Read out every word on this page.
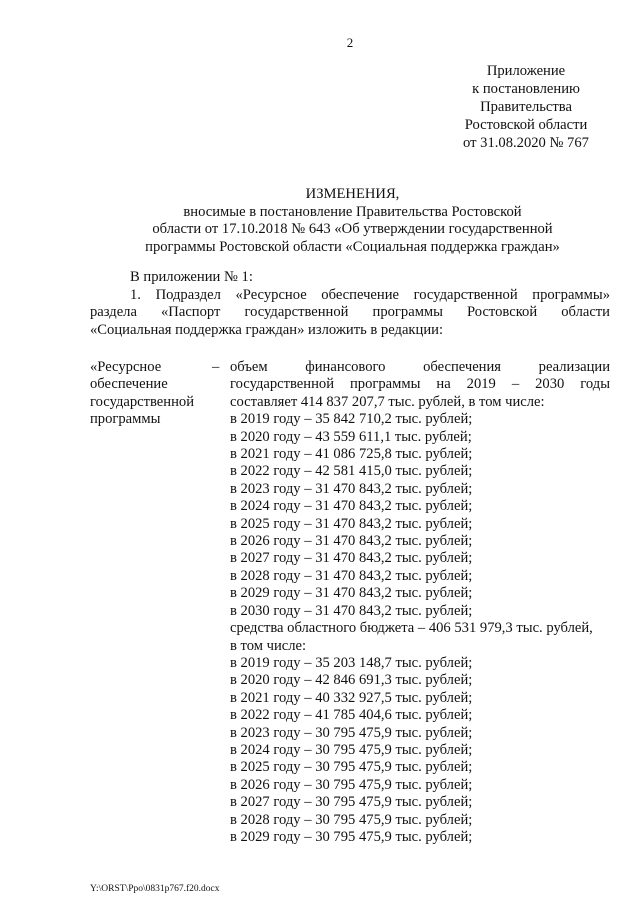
2
Приложение
к постановлению
Правительства
Ростовской области
от 31.08.2020 № 767
ИЗМЕНЕНИЯ,
вносимые в постановление Правительства Ростовской
области от 17.10.2018 № 643 «Об утверждении государственной
программы Ростовской области «Социальная поддержка граждан»
В приложении № 1:
1. Подраздел «Ресурсное обеспечение государственной программы»
раздела «Паспорт государственной программы Ростовской области
«Социальная поддержка граждан» изложить в редакции:
«Ресурсное
обеспечение
государственной
программы
– объем финансового обеспечения реализации
государственной программы на 2019 – 2030 годы
составляет 414 837 207,7 тыс. рублей, в том числе:
в 2019 году – 35 842 710,2 тыс. рублей;
в 2020 году – 43 559 611,1 тыс. рублей;
в 2021 году – 41 086 725,8 тыс. рублей;
в 2022 году – 42 581 415,0 тыс. рублей;
в 2023 году – 31 470 843,2 тыс. рублей;
в 2024 году – 31 470 843,2 тыс. рублей;
в 2025 году – 31 470 843,2 тыс. рублей;
в 2026 году – 31 470 843,2 тыс. рублей;
в 2027 году – 31 470 843,2 тыс. рублей;
в 2028 году – 31 470 843,2 тыс. рублей;
в 2029 году – 31 470 843,2 тыс. рублей;
в 2030 году – 31 470 843,2 тыс. рублей;
средства областного бюджета – 406 531 979,3 тыс. рублей,
в том числе:
в 2019 году – 35 203 148,7 тыс. рублей;
в 2020 году – 42 846 691,3 тыс. рублей;
в 2021 году – 40 332 927,5 тыс. рублей;
в 2022 году – 41 785 404,6 тыс. рублей;
в 2023 году – 30 795 475,9 тыс. рублей;
в 2024 году – 30 795 475,9 тыс. рублей;
в 2025 году – 30 795 475,9 тыс. рублей;
в 2026 году – 30 795 475,9 тыс. рублей;
в 2027 году – 30 795 475,9 тыс. рублей;
в 2028 году – 30 795 475,9 тыс. рублей;
в 2029 году – 30 795 475,9 тыс. рублей;
Y:\ORST\Ppo\0831p767.f20.docx
